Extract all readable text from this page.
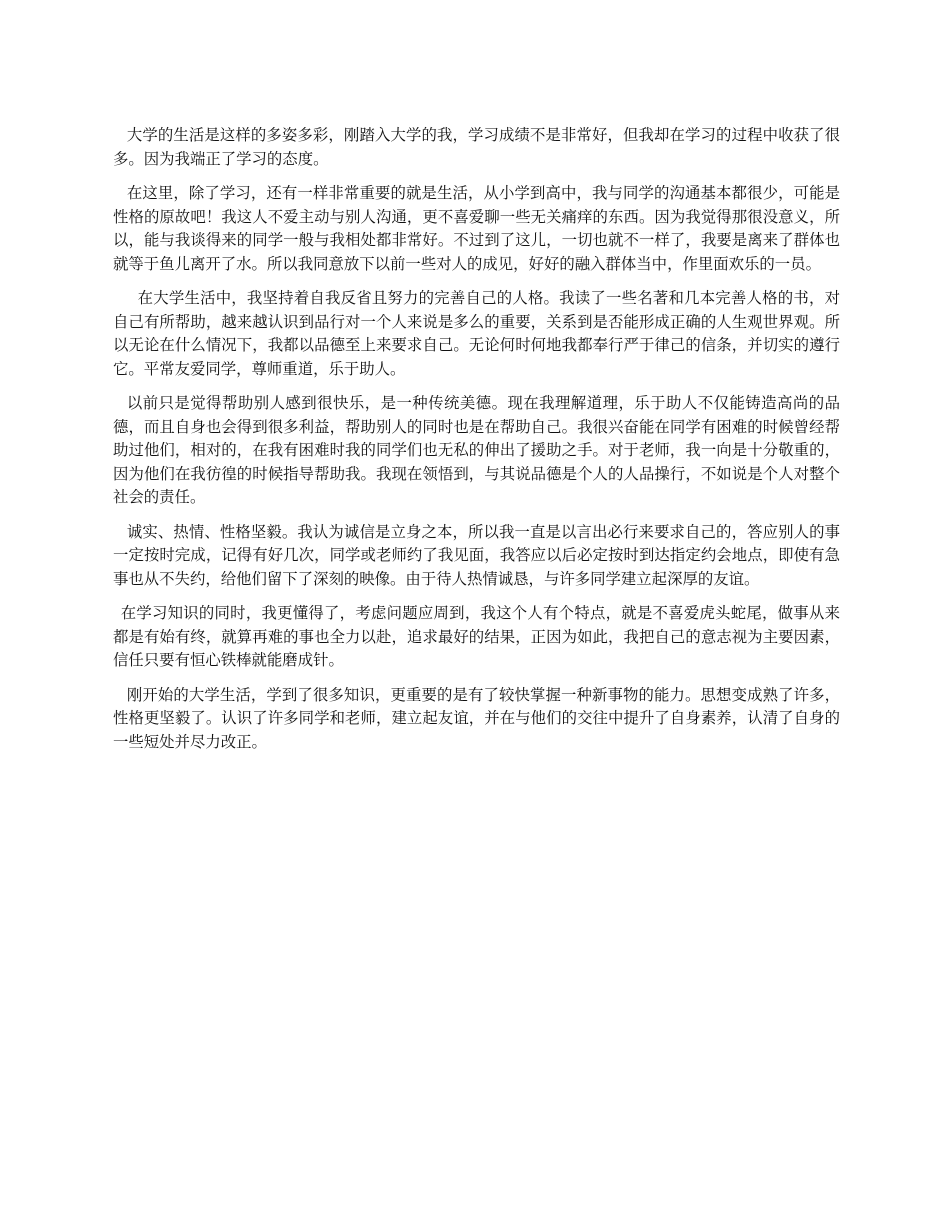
大学的生活是这样的多姿多彩，刚踏入大学的我，学习成绩不是非常好，但我却在学习的过程中收获了很多。因为我端正了学习的态度。

在这里，除了学习，还有一样非常重要的就是生活，从小学到高中，我与同学的沟通基本都很少，可能是性格的原故吧！我这人不爱主动与别人沟通，更不喜爱聊一些无关痛痒的东西。因为我觉得那很没意义，所以，能与我谈得来的同学一般与我相处都非常好。不过到了这儿，一切也就不一样了，我要是离来了群体也就等于鱼儿离开了水。所以我同意放下以前一些对人的成见，好好的融入群体当中，作里面欢乐的一员。

在大学生活中，我坚持着自我反省且努力的完善自己的人格。我读了一些名著和几本完善人格的书，对自己有所帮助，越来越认识到品行对一个人来说是多么的重要，关系到是否能形成正确的人生观世界观。所以无论在什么情况下，我都以品德至上来要求自己。无论何时何地我都奉行严于律己的信条，并切实的遵行它。平常友爱同学，尊师重道，乐于助人。

以前只是觉得帮助别人感到很快乐，是一种传统美德。现在我理解道理，乐于助人不仅能铸造高尚的品德，而且自身也会得到很多利益，帮助别人的同时也是在帮助自己。我很兴奋能在同学有困难的时候曾经帮助过他们，相对的，在我有困难时我的同学们也无私的伸出了援助之手。对于老师，我一向是十分敬重的，因为他们在我彷徨的时候指导帮助我。我现在领悟到，与其说品德是个人的人品操行，不如说是个人对整个社会的责任。

诚实、热情、性格坚毅。我认为诚信是立身之本，所以我一直是以言出必行来要求自己的，答应别人的事一定按时完成，记得有好几次，同学或老师约了我见面，我答应以后必定按时到达指定约会地点，即使有急事也从不失约，给他们留下了深刻的映像。由于待人热情诚恳，与许多同学建立起深厚的友谊。

在学习知识的同时，我更懂得了，考虑问题应周到，我这个人有个特点，就是不喜爱虎头蛇尾，做事从来都是有始有终，就算再难的事也全力以赴，追求最好的结果，正因为如此，我把自己的意志视为主要因素，信任只要有恒心铁棒就能磨成针。

刚开始的大学生活，学到了很多知识，更重要的是有了较快掌握一种新事物的能力。思想变成熟了许多，性格更坚毅了。认识了许多同学和老师，建立起友谊，并在与他们的交往中提升了自身素养，认清了自身的一些短处并尽力改正。
